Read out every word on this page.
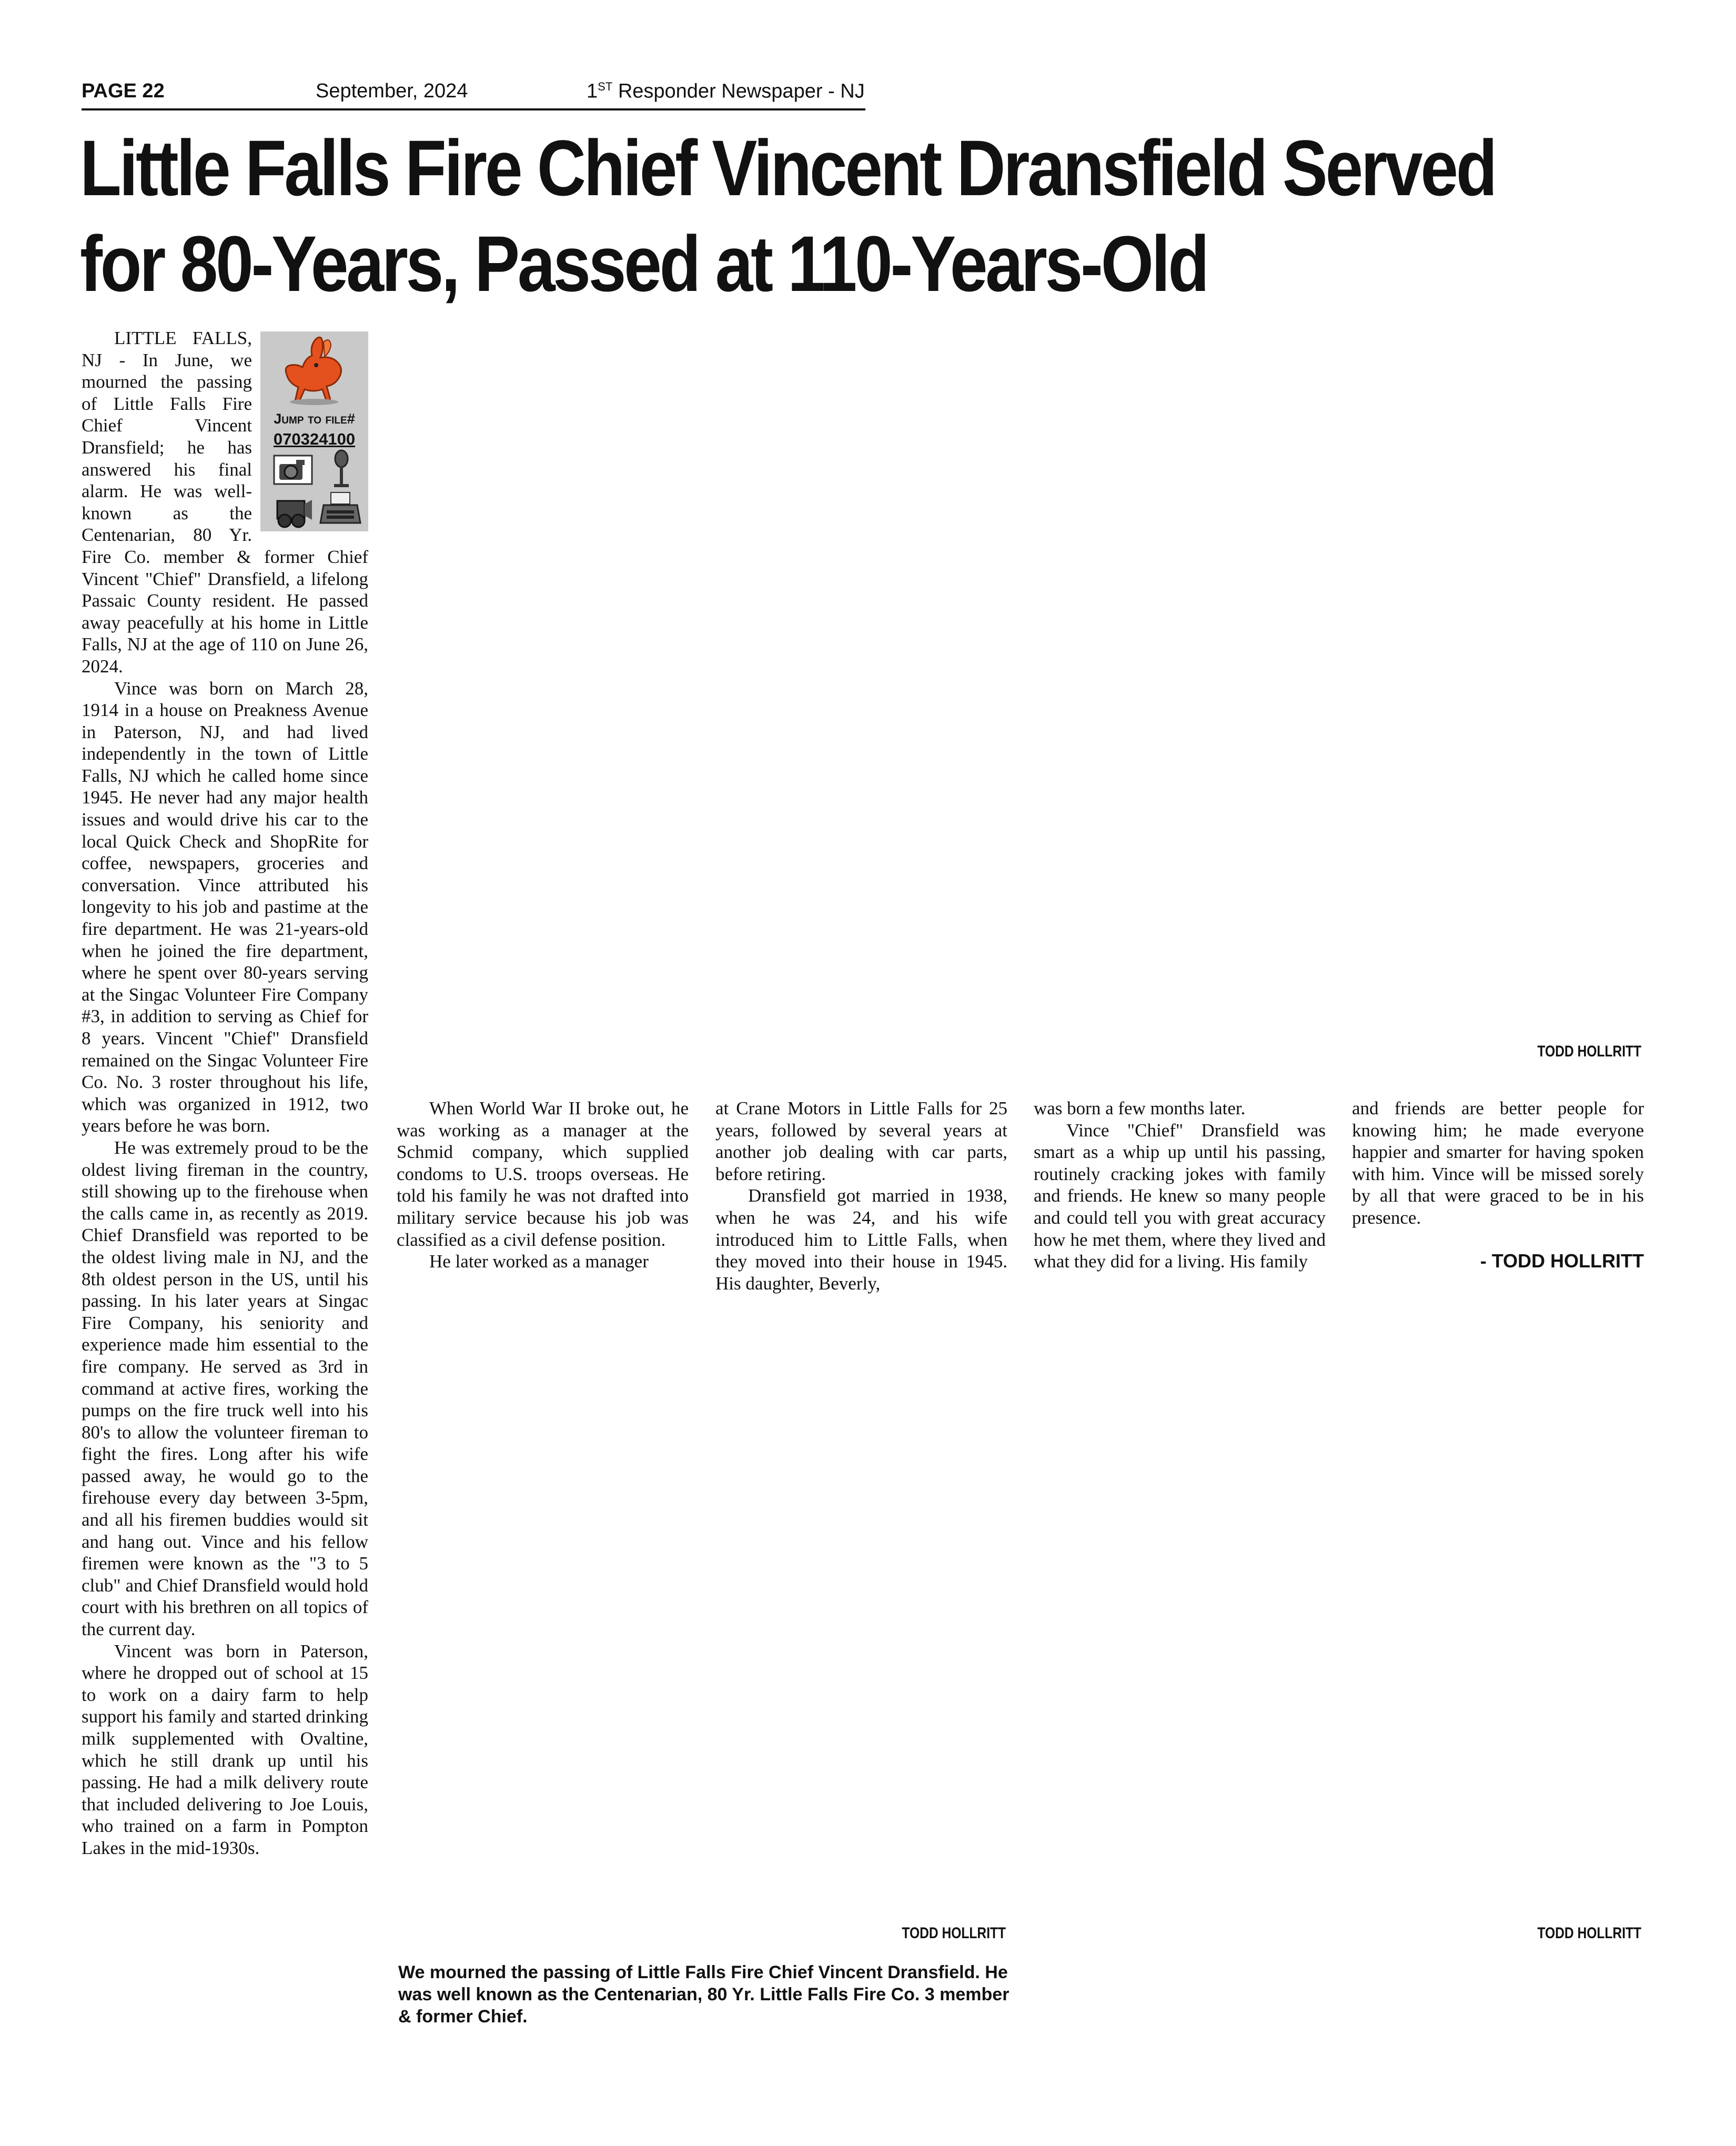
PAGE 22	September, 2024	1ST Responder Newspaper - NJ
Little Falls Fire Chief Vincent Dransfield Served
for 80-Years, Passed at 110-Years-Old
Jump to file#
070324100

LITTLE FALLS, NJ - In June, we mourned the passing of Little Falls Fire Chief Vincent Dransfield; he has answered his final alarm. He was well-known as the Centenarian, 80 Yr. Fire Co. member & former Chief Vincent "Chief" Dransfield, a lifelong Passaic County resident. He passed away peacefully at his home in Little Falls, NJ at the age of 110 on June 26, 2024.

Vince was born on March 28, 1914 in a house on Preakness Avenue in Paterson, NJ, and had lived independently in the town of Little Falls, NJ which he called home since 1945. He never had any major health issues and would drive his car to the local Quick Check and ShopRite for coffee, newspapers, groceries and conversation. Vince attributed his longevity to his job and pastime at the fire department. He was 21-years-old when he joined the fire department, where he spent over 80-years serving at the Singac Volunteer Fire Company #3, in addition to serving as Chief for 8 years. Vincent "Chief" Dransfield remained on the Singac Volunteer Fire Co. No. 3 roster throughout his life, which was organized in 1912, two years before he was born.

He was extremely proud to be the oldest living fireman in the country, still showing up to the firehouse when the calls came in, as recently as 2019. Chief Dransfield was reported to be the oldest living male in NJ, and the 8th oldest person in the US, until his passing. In his later years at Singac Fire Company, his seniority and experience made him essential to the fire company. He served as 3rd in command at active fires, working the pumps on the fire truck well into his 80's to allow the volunteer fireman to fight the fires. Long after his wife passed away, he would go to the firehouse every day between 3-5pm, and all his firemen buddies would sit and hang out. Vince and his fellow firemen were known as the "3 to 5 club" and Chief Dransfield would hold court with his brethren on all topics of the current day.

Vincent was born in Paterson, where he dropped out of school at 15 to work on a dairy farm to help support his family and started drinking milk supplemented with Ovaltine, which he still drank up until his passing. He had a milk delivery route that included delivering to Joe Louis, who trained on a farm in Pompton Lakes in the mid-1930s.

When World War II broke out, he was working as a manager at the Schmid company, which supplied condoms to U.S. troops overseas. He told his family he was not drafted into military service because his job was classified as a civil defense position.

He later worked as a manager

at Crane Motors in Little Falls for 25 years, followed by several years at another job dealing with car parts, before retiring.

Dransfield got married in 1938, when he was 24, and his wife introduced him to Little Falls, when they moved into their house in 1945. His daughter, Beverly,

was born a few months later.

Vince "Chief" Dransfield was smart as a whip up until his passing, routinely cracking jokes with family and friends. He knew so many people and could tell you with great accuracy how he met them, where they lived and what they did for a living. His family

and friends are better people for knowing him; he made everyone happier and smarter for having spoken with him. Vince will be missed sorely by all that were graced to be in his presence.

- TODD HOLLRITT
TODD HOLLRITT
TODD HOLLRITT	TODD HOLLRITT
We mourned the passing of Little Falls Fire Chief Vincent Dransfield. He was well known as the Centenarian, 80 Yr. Little Falls Fire Co. 3 member & former Chief.
